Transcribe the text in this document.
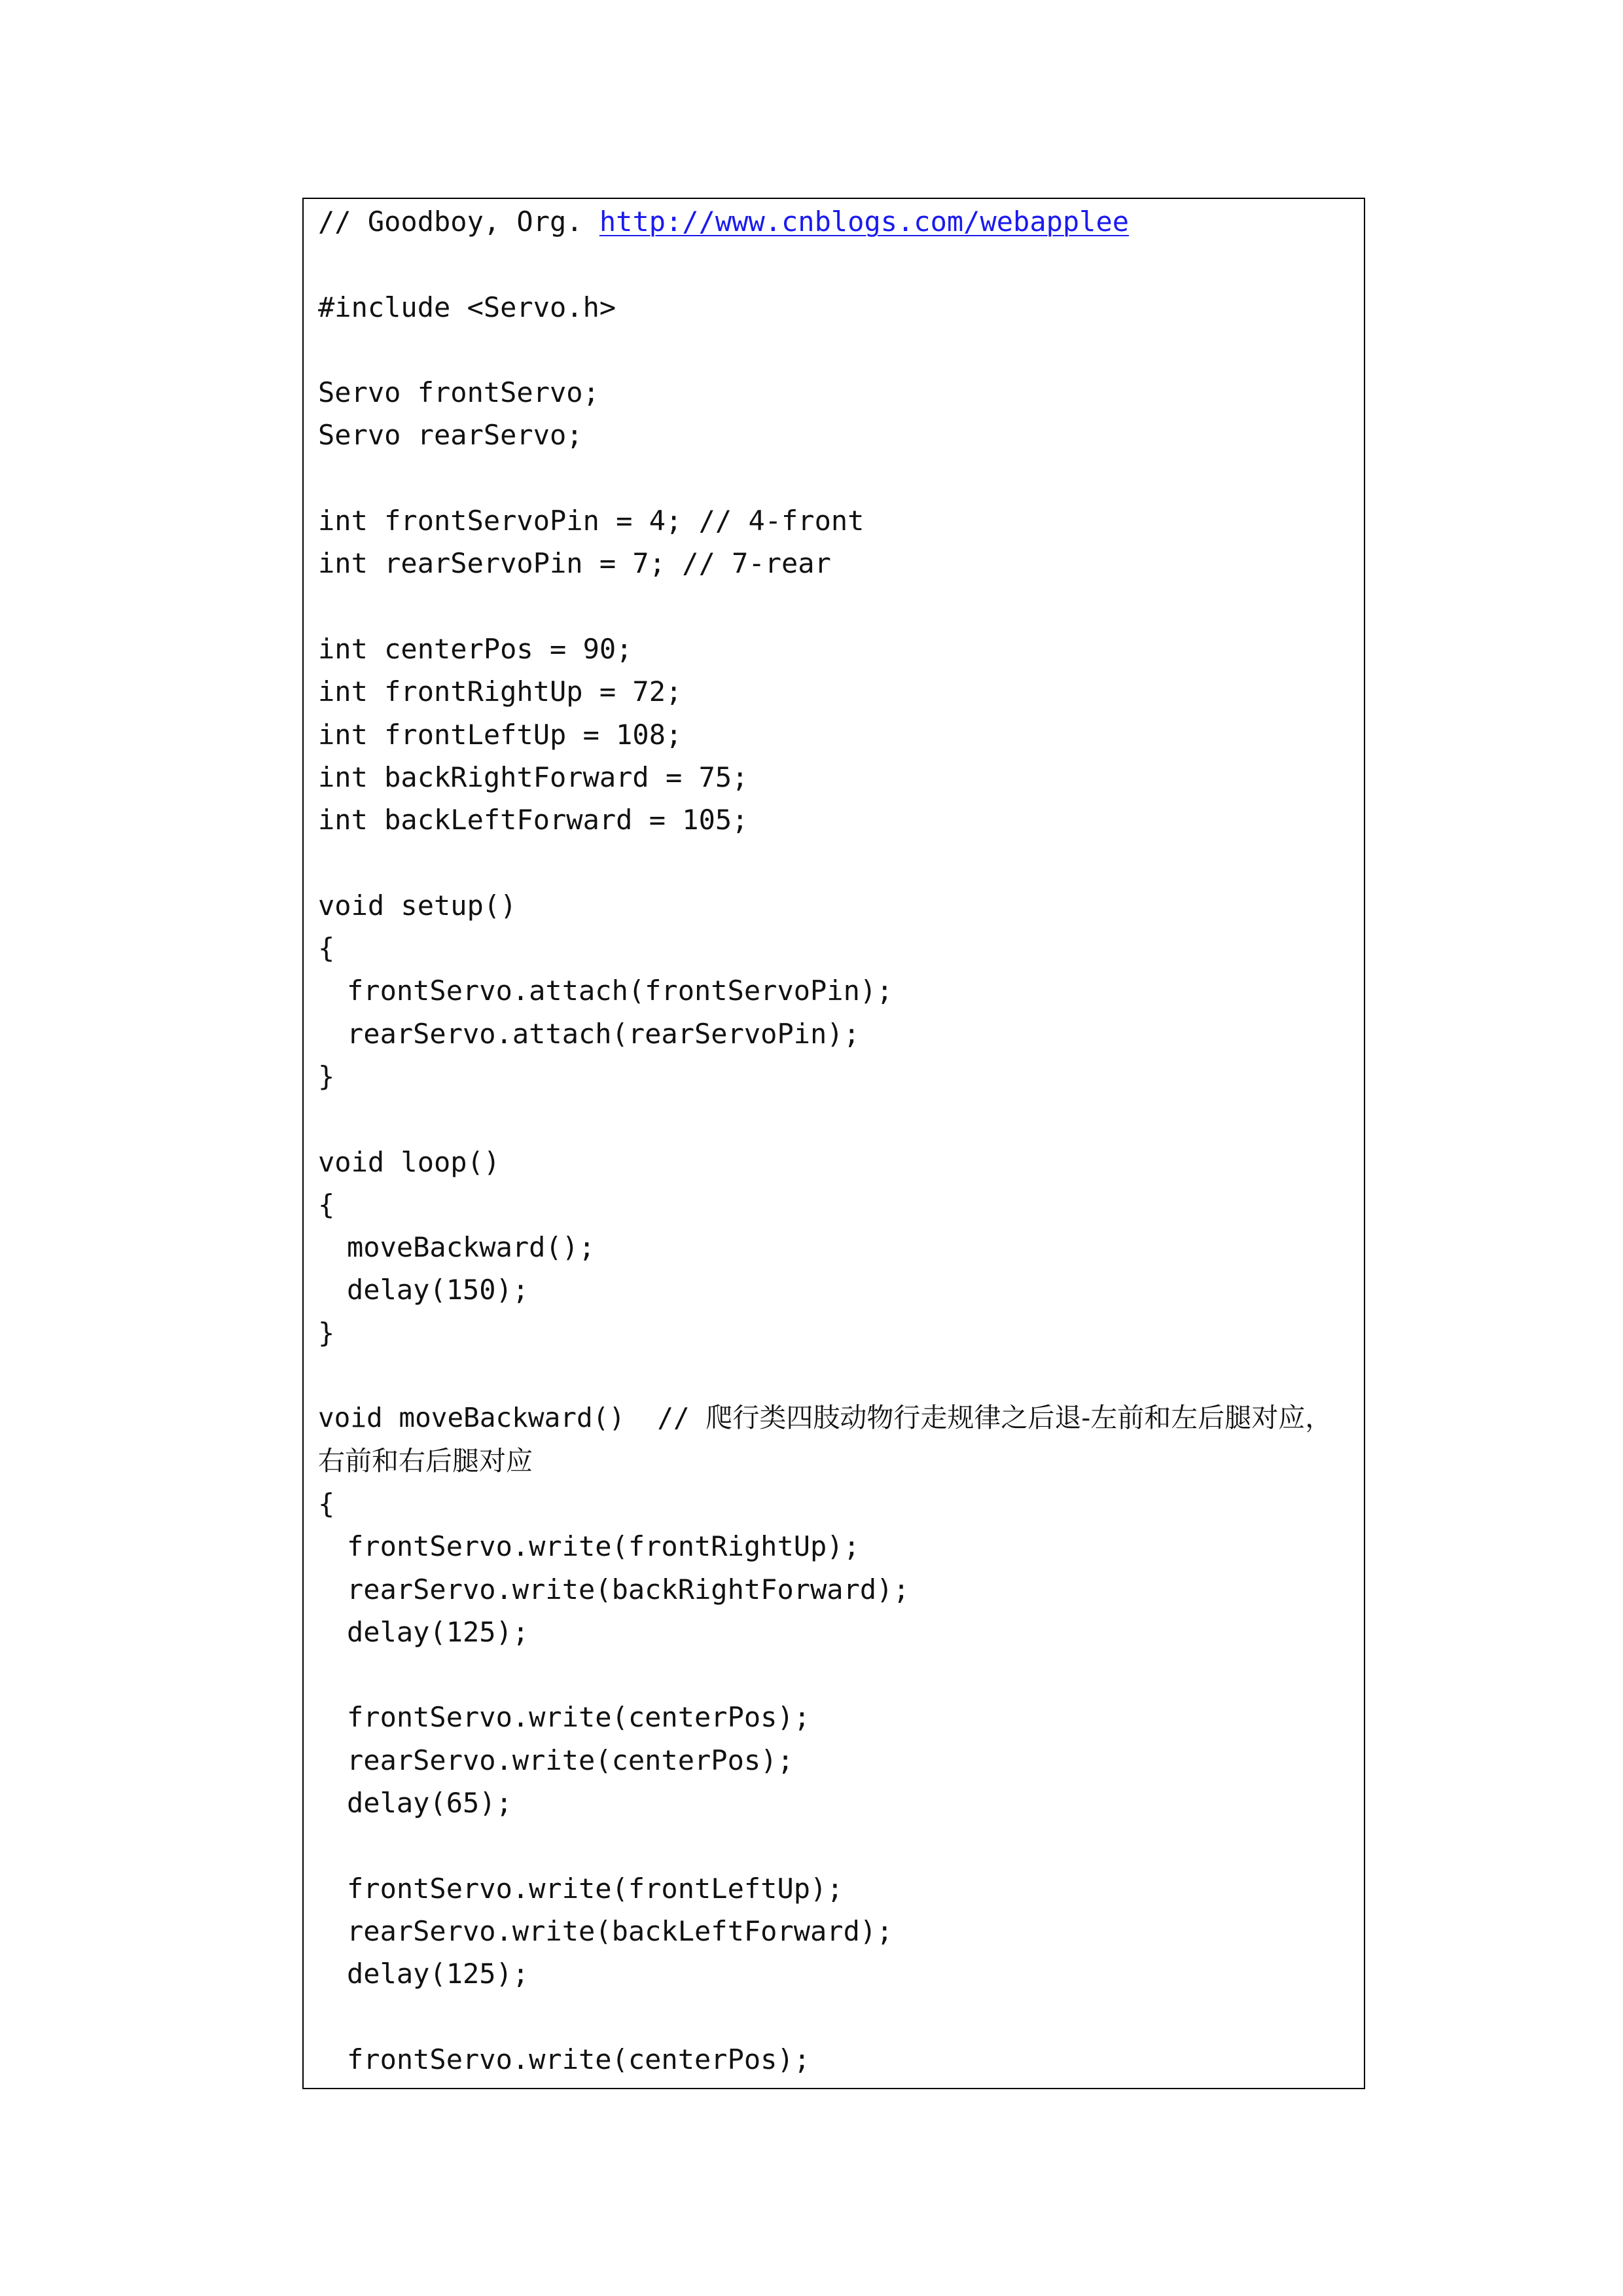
// Goodboy, Org. http://www.cnblogs.com/webapplee

#include <Servo.h>

Servo frontServo;
Servo rearServo;

int frontServoPin = 4; // 4-front
int rearServoPin = 7; // 7-rear

int centerPos = 90;
int frontRightUp = 72;
int frontLeftUp = 108;
int backRightForward = 75;
int backLeftForward = 105;

void setup()
{
frontServo.attach(frontServoPin);
rearServo.attach(rearServoPin);
}

void loop()
{
moveBackward();
delay(150);
}

void moveBackward()  // 爬行类四肢动物行走规律之后退-左前和左后腿对应，
右前和右后腿对应
{
frontServo.write(frontRightUp);
rearServo.write(backRightForward);
delay(125);

frontServo.write(centerPos);
rearServo.write(centerPos);
delay(65);

frontServo.write(frontLeftUp);
rearServo.write(backLeftForward);
delay(125);

frontServo.write(centerPos);
